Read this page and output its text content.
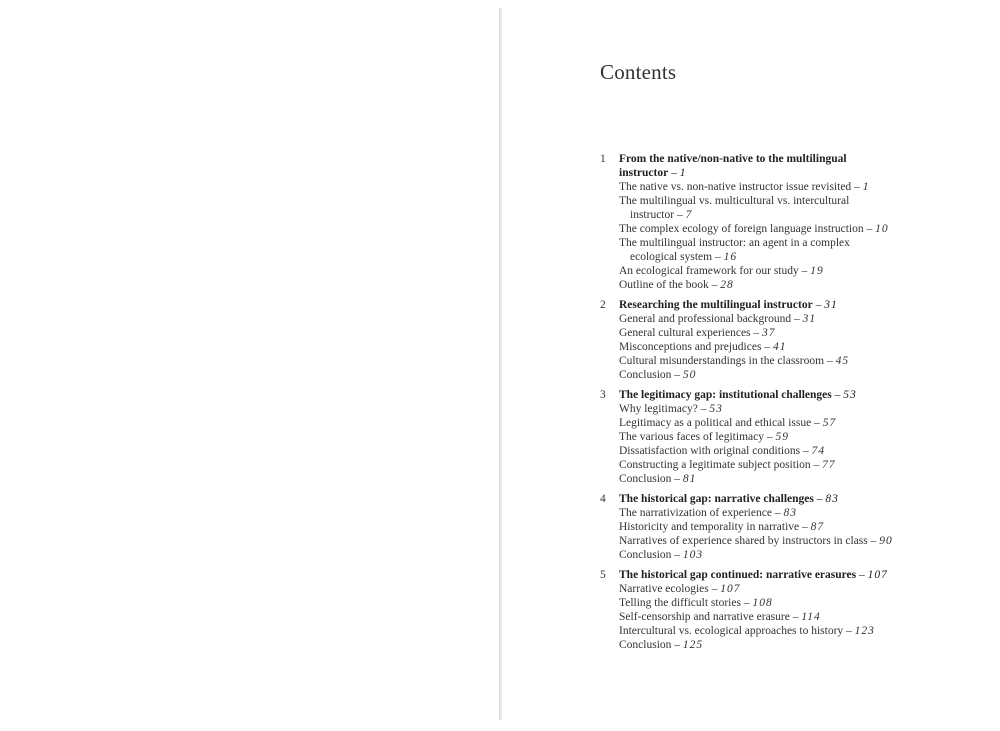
Contents
1 From the native/non-native to the multilingual
instructor – 1
The native vs. non-native instructor issue revisited – 1
The multilingual vs. multicultural vs. intercultural
instructor – 7
The complex ecology of foreign language instruction – 10
The multilingual instructor: an agent in a complex
ecological system – 16
An ecological framework for our study – 19
Outline of the book – 28
2 Researching the multilingual instructor – 31
General and professional background – 31
General cultural experiences – 37
Misconceptions and prejudices – 41
Cultural misunderstandings in the classroom – 45
Conclusion – 50
3 The legitimacy gap: institutional challenges – 53
Why legitimacy? – 53
Legitimacy as a political and ethical issue – 57
The various faces of legitimacy – 59
Dissatisfaction with original conditions – 74
Constructing a legitimate subject position – 77
Conclusion – 81
4 The historical gap: narrative challenges – 83
The narrativization of experience – 83
Historicity and temporality in narrative – 87
Narratives of experience shared by instructors in class – 90
Conclusion – 103
5 The historical gap continued: narrative erasures – 107
Narrative ecologies – 107
Telling the difficult stories – 108
Self-censorship and narrative erasure – 114
Intercultural vs. ecological approaches to history – 123
Conclusion – 125
